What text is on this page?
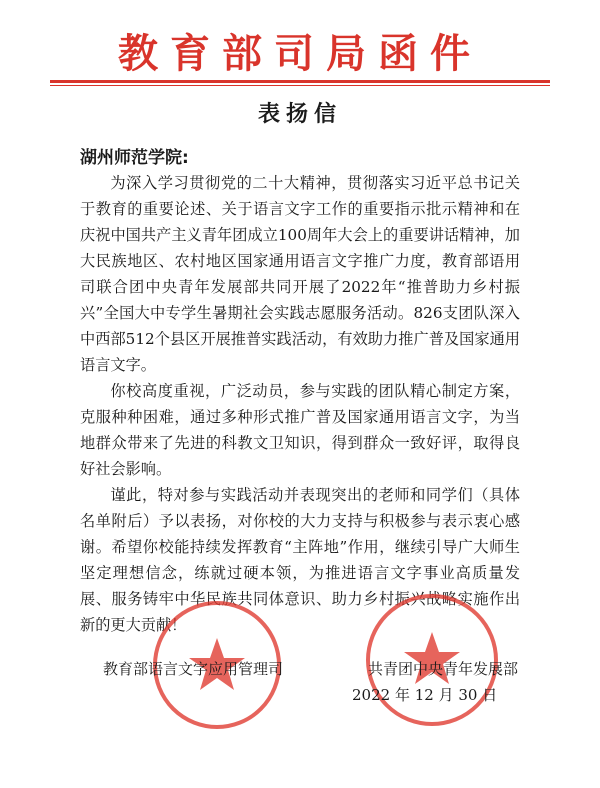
教育部司局函件
表扬信
湖州师范学院:

为深入学习贯彻党的二十大精神，贯彻落实习近平总书记关于教育的重要论述、关于语言文字工作的重要指示批示精神和在庆祝中国共产主义青年团成立100周年大会上的重要讲话精神，加大民族地区、农村地区国家通用语言文字推广力度，教育部语用司联合团中央青年发展部共同开展了2022年“推普助力乡村振兴”全国大中专学生暑期社会实践志愿服务活动。826支团队深入中西部512个县区开展推普实践活动，有效助力推广普及国家通用语言文字。

你校高度重视，广泛动员，参与实践的团队精心制定方案，克服种种困难，通过多种形式推广普及国家通用语言文字，为当地群众带来了先进的科教文卫知识，得到群众一致好评，取得良好社会影响。

谨此，特对参与实践活动并表现突出的老师和同学们（具体名单附后）予以表扬，对你校的大力支持与积极参与表示衷心感谢。希望你校能持续发挥教育“主阵地”作用，继续引导广大师生坚定理想信念，练就过硬本领，为推进语言文字事业高质量发展、服务铸牢中华民族共同体意识、助力乡村振兴战略实施作出新的更大贡献！

教育部语言文字应用管理司	共青团中央青年发展部
2022 年 12 月 30 日
